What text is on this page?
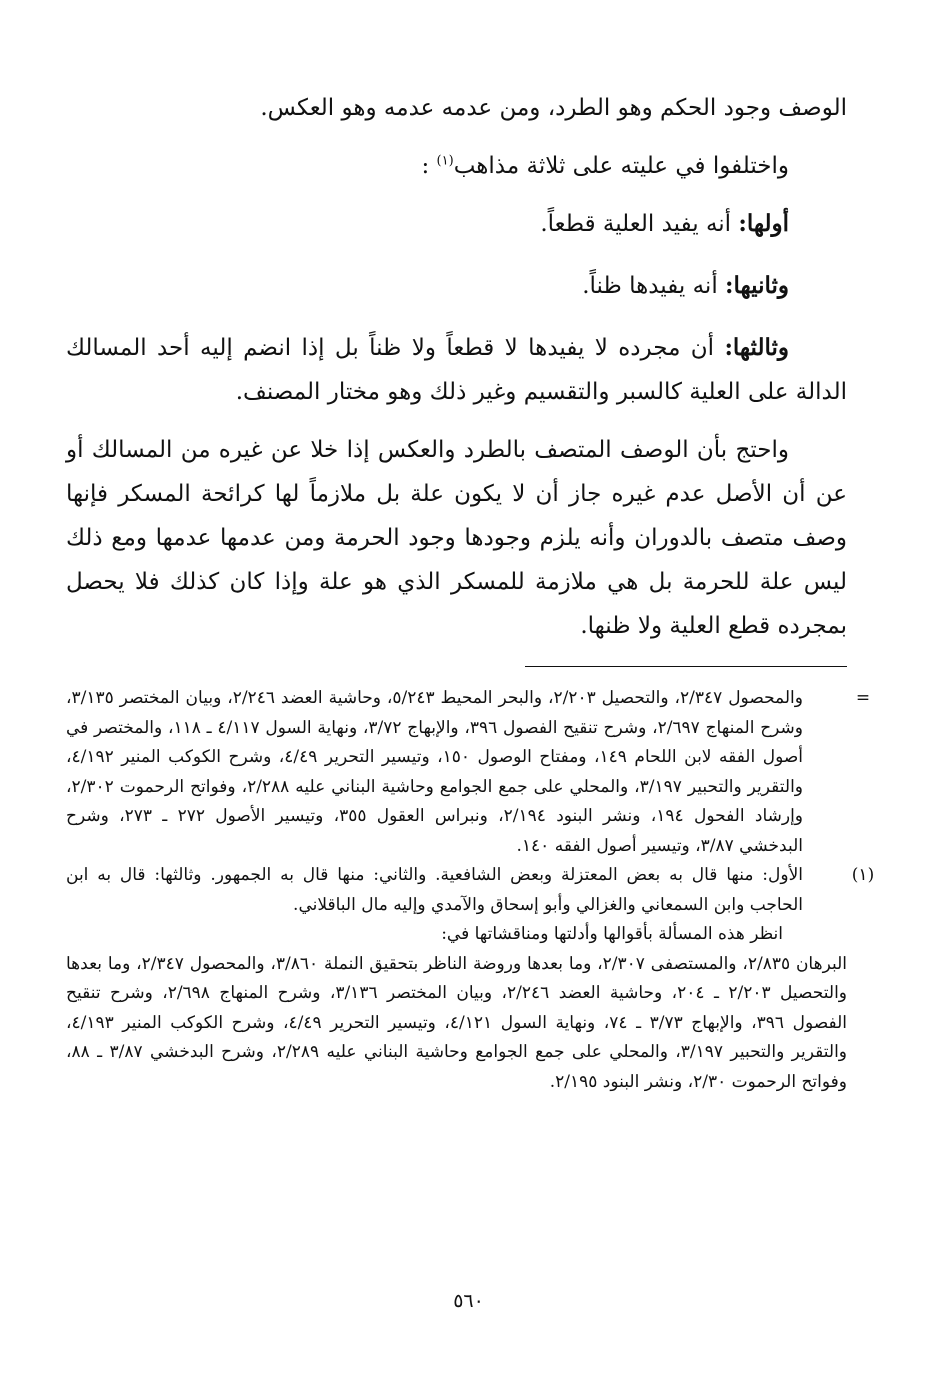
الوصف وجود الحكم وهو الطرد، ومن عدمه عدمه وهو العكس.

واختلفوا في عليته على ثلاثة مذاهب$^{(١)}$ :

أولها: أنه يفيد العلية قطعاً.

وثانيها: أنه يفيدها ظناً.

وثالثها: أن مجرده لا يفيدها لا قطعاً ولا ظناً بل إذا انضم إليه أحد المسالك الدالة على العلية كالسبر والتقسيم وغير ذلك وهو مختار المصنف.

واحتج بأن الوصف المتصف بالطرد والعكس إذا خلا عن غيره من المسالك أو عن أن الأصل عدم غيره جاز أن لا يكون علة بل ملازماً لها كرائحة المسكر فإنها وصف متصف بالدوران وأنه يلزم وجودها وجود الحرمة ومن عدمها عدمها ومع ذلك ليس علة للحرمة بل هي ملازمة للمسكر الذي هو علة وإذا كان كذلك فلا يحصل بمجرده قطع العلية ولا ظنها.

=

والمحصول ٢/٣٤٧، والتحصيل ٢/٢٠٣، والبحر المحيط ٥/٢٤٣، وحاشية العضد ٢/٢٤٦، وبيان المختصر ٣/١٣٥، وشرح المنهاج ٢/٦٩٧، وشرح تنقيح الفصول ٣٩٦، والإبهاج ٣/٧٢، ونهاية السول ٤/١١٧ ـ ١١٨، والمختصر في أصول الفقه لابن اللحام ١٤٩، ومفتاح الوصول ١٥٠، وتيسير التحرير ٤/٤٩، وشرح الكوكب المنير ٤/١٩٢، والتقرير والتحبير ٣/١٩٧، والمحلي على جمع الجوامع وحاشية البناني عليه ٢/٢٨٨، وفواتح الرحموت ٢/٣٠٢، وإرشاد الفحول ١٩٤، ونشر البنود ٢/١٩٤، ونبراس العقول ٣٥٥، وتيسير الأصول ٢٧٢ ـ ٢٧٣، وشرح البدخشي ٣/٨٧، وتيسير أصول الفقه ١٤٠.

(١)

الأول: منها قال به بعض المعتزلة وبعض الشافعية. والثاني: منها قال به الجمهور. وثالثها: قال به ابن الحاجب وابن السمعاني والغزالي وأبو إسحاق والآمدي وإليه مال الباقلاني.

انظر هذه المسألة بأقوالها وأدلتها ومناقشاتها في:

البرهان ٢/٨٣٥، والمستصفى ٢/٣٠٧، وما بعدها وروضة الناظر بتحقيق النملة ٣/٨٦٠، والمحصول ٢/٣٤٧، وما بعدها والتحصيل ٢/٢٠٣ ـ ٢٠٤، وحاشية العضد ٢/٢٤٦، وبيان المختصر ٣/١٣٦، وشرح المنهاج ٢/٦٩٨، وشرح تنقيح الفصول ٣٩٦، والإبهاج ٣/٧٣ ـ ٧٤، ونهاية السول ٤/١٢١، وتيسير التحرير ٤/٤٩، وشرح الكوكب المنير ٤/١٩٣، والتقرير والتحبير ٣/١٩٧، والمحلي على جمع الجوامع وحاشية البناني عليه ٢/٢٨٩، وشرح البدخشي ٣/٨٧ ـ ٨٨، وفواتح الرحموت ٢/٣٠، ونشر البنود ٢/١٩٥.

٥٦٠
